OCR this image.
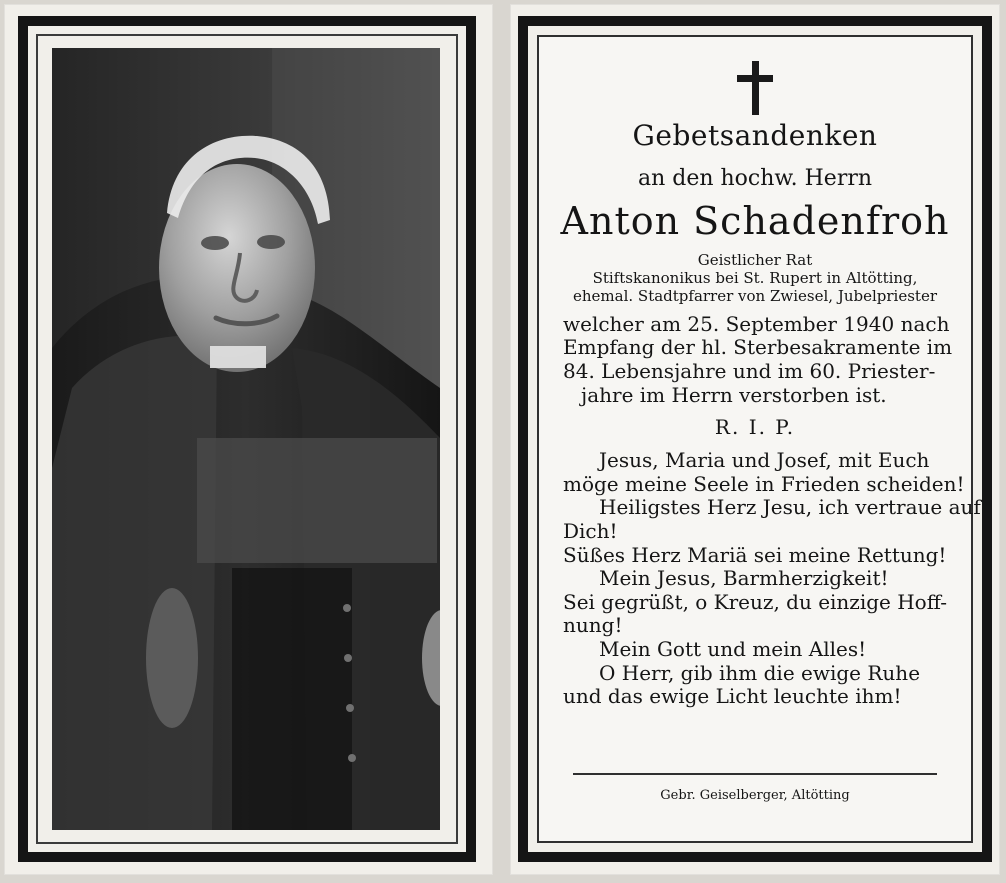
Gebetsandenken
an den hochw. Herrn
Anton Schadenfroh
Geistlicher Rat
Stiftskanonikus bei St. Rupert in Altötting,
ehemal. Stadtpfarrer von Zwiesel, Jubelpriester
welcher am 25. September 1940 nach
Empfang der hl. Sterbesakramente im
84. Lebensjahre und im 60. Priester-
jahre im Herrn verstorben ist.
R. I. P.
Jesus, Maria und Josef, mit Euch
möge meine Seele in Frieden scheiden!
Heiligstes Herz Jesu, ich vertraue auf
Dich!
Süßes Herz Mariä sei meine Rettung!
Mein Jesus, Barmherzigkeit!
Sei gegrüßt, o Kreuz, du einzige Hoff-
nung!
Mein Gott und mein Alles!
O Herr, gib ihm die ewige Ruhe
und das ewige Licht leuchte ihm!
Gebr. Geiselberger, Altötting
